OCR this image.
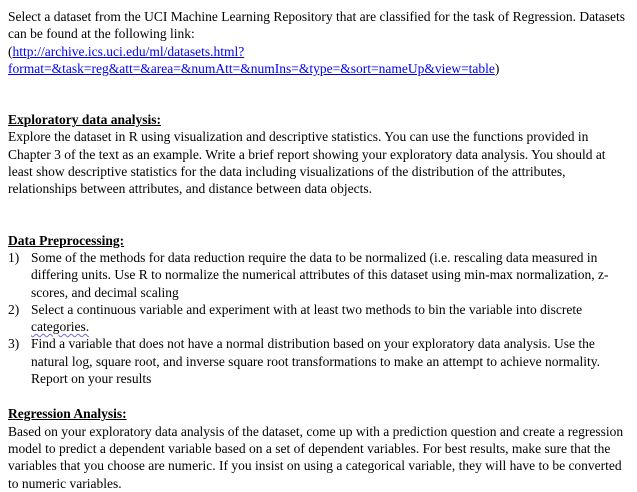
Select a dataset from the UCI Machine Learning Repository that are classified for the task of Regression. Datasets can be found at the following link:
(http://archive.ics.uci.edu/ml/datasets.html?format=&task=reg&att=&area=&numAtt=&numIns=&type=&sort=nameUp&view=table)

Exploratory data analysis:

Explore the dataset in R using visualization and descriptive statistics. You can use the functions provided in Chapter 3 of the text as an example. Write a brief report showing your exploratory data analysis. You should at least show descriptive statistics for the data including visualizations of the distribution of the attributes, relationships between attributes, and distance between data objects.

Data Preprocessing:

1) Some of the methods for data reduction require the data to be normalized (i.e. rescaling data measured in differing units. Use R to normalize the numerical attributes of this dataset using min-max normalization, z-scores, and decimal scaling
2) Select a continuous variable and experiment with at least two methods to bin the variable into discrete categories.
3) Find a variable that does not have a normal distribution based on your exploratory data analysis. Use the natural log, square root, and inverse square root transformations to make an attempt to achieve normality. Report on your results

Regression Analysis:

Based on your exploratory data analysis of the dataset, come up with a prediction question and create a regression model to predict a dependent variable based on a set of dependent variables. For best results, make sure that the variables that you choose are numeric. If you insist on using a categorical variable, they will have to be converted to numeric variables.
